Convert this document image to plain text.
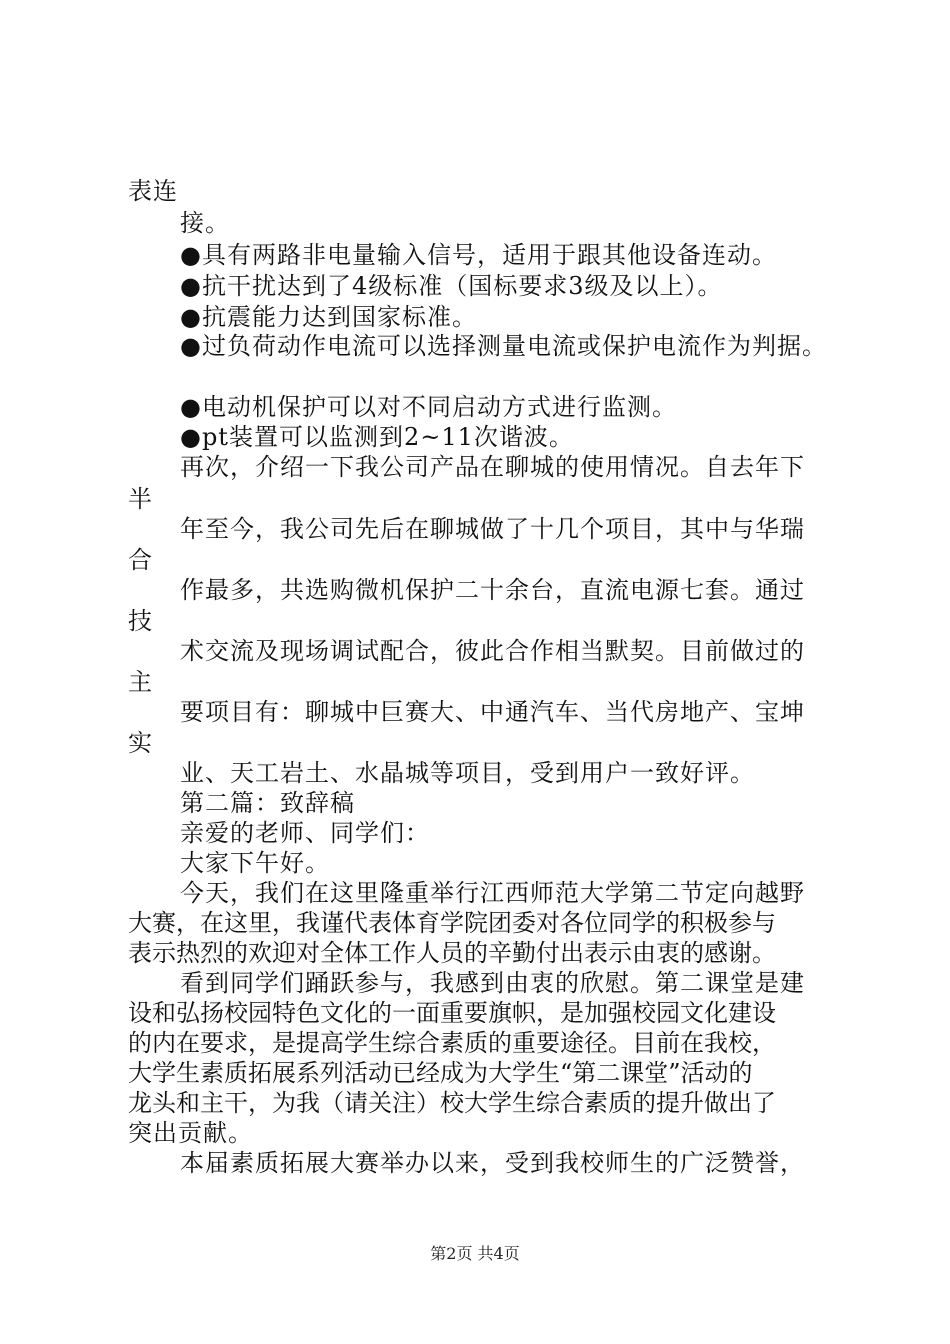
表连
接。
●具有两路非电量输入信号，适用于跟其他设备连动。
●抗干扰达到了4级标准（国标要求3级及以上）。
●抗震能力达到国家标准。
●过负荷动作电流可以选择测量电流或保护电流作为判据。
●电动机保护可以对不同启动方式进行监测。
●pt装置可以监测到2~11次谐波。
再次，介绍一下我公司产品在聊城的使用情况。自去年下
半
年至今，我公司先后在聊城做了十几个项目，其中与华瑞
合
作最多，共选购微机保护二十余台，直流电源七套。通过
技
术交流及现场调试配合，彼此合作相当默契。目前做过的
主
要项目有：聊城中巨赛大、中通汽车、当代房地产、宝坤
实
业、天工岩土、水晶城等项目，受到用户一致好评。
第二篇：致辞稿
亲爱的老师、同学们：
大家下午好。
今天，我们在这里隆重举行江西师范大学第二节定向越野
大赛，在这里，我谨代表体育学院团委对各位同学的积极参与
表示热烈的欢迎对全体工作人员的辛勤付出表示由衷的感谢。
看到同学们踊跃参与，我感到由衷的欣慰。第二课堂是建
设和弘扬校园特色文化的一面重要旗帜，是加强校园文化建设
的内在要求，是提高学生综合素质的重要途径。目前在我校，
大学生素质拓展系列活动已经成为大学生“第二课堂”活动的
龙头和主干，为我（请关注）校大学生综合素质的提升做出了
突出贡献。
本届素质拓展大赛举办以来，受到我校师生的广泛赞誉，
第2页 共4页
